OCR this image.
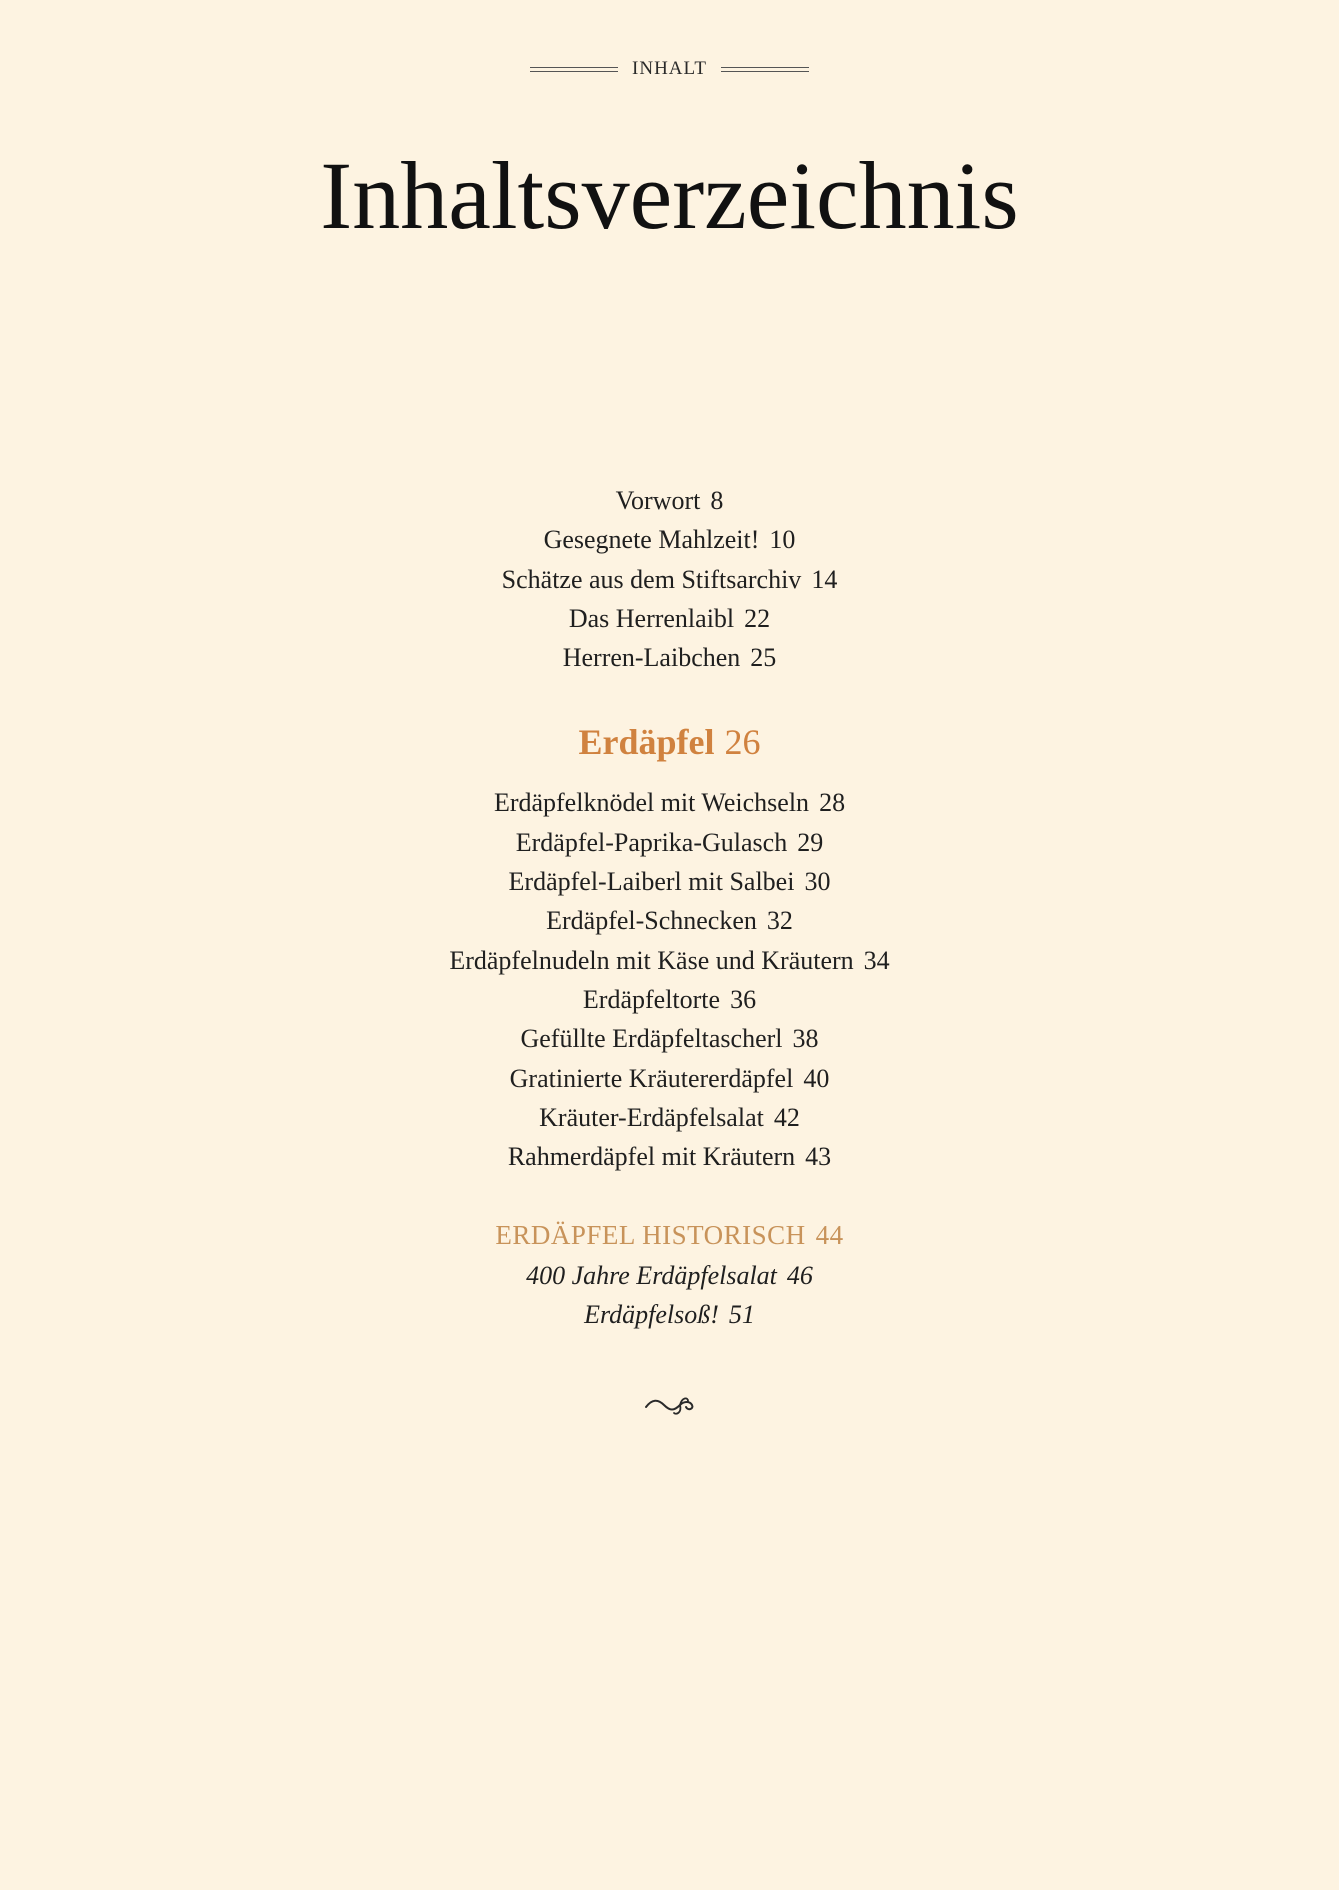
INHALT
Inhaltsverzeichnis
Vorwort 8
Gesegnete Mahlzeit! 10
Schätze aus dem Stiftsarchiv 14
Das Herrenlaibl 22
Herren-Laibchen 25
Erdäpfel 26
Erdäpfelknödel mit Weichseln 28
Erdäpfel-Paprika-Gulasch 29
Erdäpfel-Laiberl mit Salbei 30
Erdäpfel-Schnecken 32
Erdäpfelnudeln mit Käse und Kräutern 34
Erdäpfeltorte 36
Gefüllte Erdäpfeltascherl 38
Gratinierte Kräutererdäpfel 40
Kräuter-Erdäpfelsalat 42
Rahmerdäpfel mit Kräutern 43
ERDÄPFEL HISTORISCH 44
400 Jahre Erdäpfelsalat 46
Erdäpfelsoß! 51
